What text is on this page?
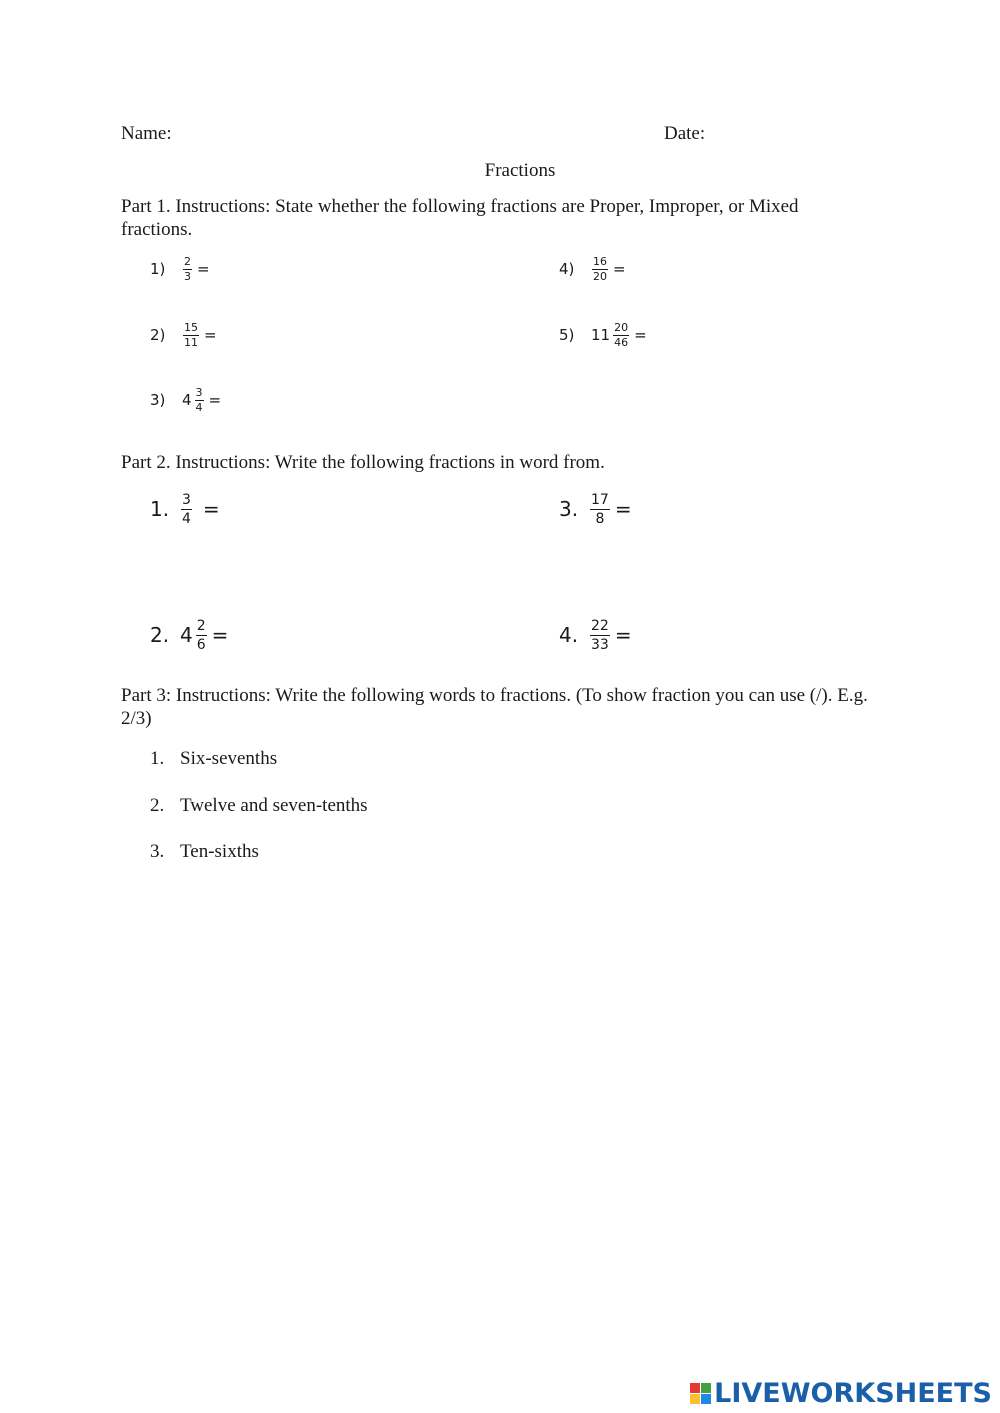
Name:	Date:
Fractions
Part 1. Instructions: State whether the following fractions are Proper, Improper, or Mixed fractions.
1)	$\frac{2}{3}$ =
2)	$\frac{15}{11}$ =
3)	$4 \frac{3}{4}$ =
4)	$\frac{16}{20}$ =
5)	$11 \frac{20}{46}$ =
Part 2. Instructions: Write the following fractions in word from.
1. $\frac{3}{4}$ =
2. $4 \frac{2}{6}$ =
3. $\frac{17}{8}$ =
4. $\frac{22}{33}$ =
Part 3: Instructions: Write the following words to fractions. (To show fraction you can use (/). E.g. 2/3)
1. Six-sevenths
2. Twelve and seven-tenths
3. Ten-sixths
LIVEWORKSHEETS
